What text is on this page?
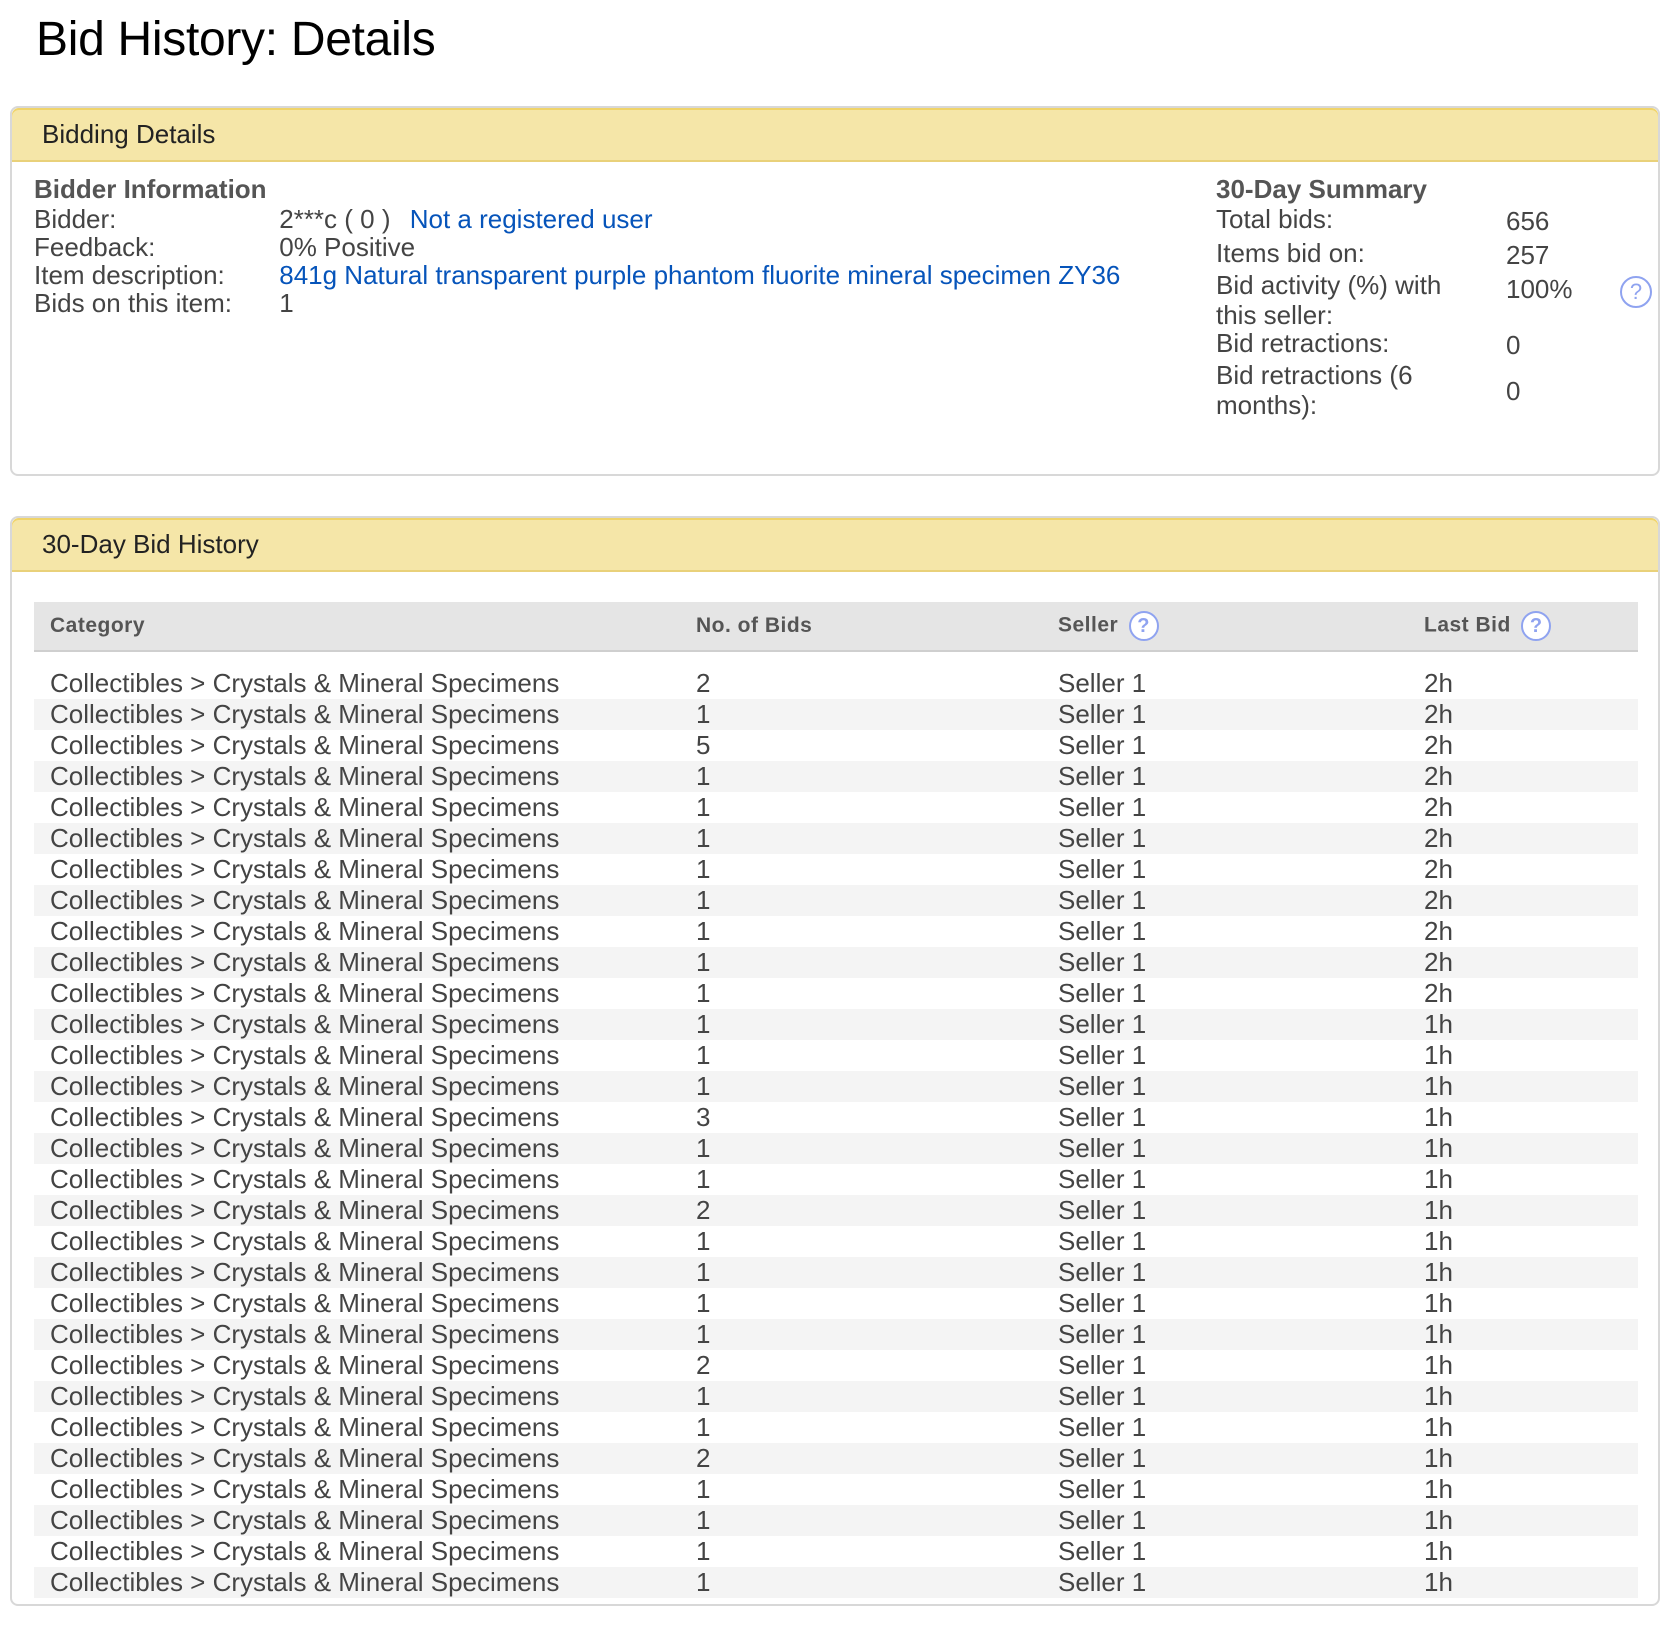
Bid History: Details
Bidding Details
Bidder Information
Bidder:	2***c ( 0 ) Not a registered user
Feedback:	0% Positive
Item description: 841g Natural transparent purple phantom fluorite mineral specimen ZY36
Bids on this item: 1
30-Day Summary
Total bids:	656
Items bid on:	257
Bid activity (%) with this seller:
100%	?
Bid retractions:	0
Bid retractions (6 months):	0
30-Day Bid History
Category	No. of Bids	Seller ?	Last Bid ?

Collectibles > Crystals & Mineral Specimens	2	Seller 1	2h
Collectibles > Crystals & Mineral Specimens	1	Seller 1	2h
Collectibles > Crystals & Mineral Specimens	5	Seller 1	2h
Collectibles > Crystals & Mineral Specimens	1	Seller 1	2h
Collectibles > Crystals & Mineral Specimens	1	Seller 1	2h
Collectibles > Crystals & Mineral Specimens	1	Seller 1	2h
Collectibles > Crystals & Mineral Specimens	1	Seller 1	2h
Collectibles > Crystals & Mineral Specimens	1	Seller 1	2h
Collectibles > Crystals & Mineral Specimens	1	Seller 1	2h
Collectibles > Crystals & Mineral Specimens	1	Seller 1	2h
Collectibles > Crystals & Mineral Specimens	1	Seller 1	2h
Collectibles > Crystals & Mineral Specimens	1	Seller 1	1h
Collectibles > Crystals & Mineral Specimens	1	Seller 1	1h
Collectibles > Crystals & Mineral Specimens	1	Seller 1	1h
Collectibles > Crystals & Mineral Specimens	3	Seller 1	1h
Collectibles > Crystals & Mineral Specimens	1	Seller 1	1h
Collectibles > Crystals & Mineral Specimens	1	Seller 1	1h
Collectibles > Crystals & Mineral Specimens	2	Seller 1	1h
Collectibles > Crystals & Mineral Specimens	1	Seller 1	1h
Collectibles > Crystals & Mineral Specimens	1	Seller 1	1h
Collectibles > Crystals & Mineral Specimens	1	Seller 1	1h
Collectibles > Crystals & Mineral Specimens	1	Seller 1	1h
Collectibles > Crystals & Mineral Specimens	2	Seller 1	1h
Collectibles > Crystals & Mineral Specimens	1	Seller 1	1h
Collectibles > Crystals & Mineral Specimens	1	Seller 1	1h
Collectibles > Crystals & Mineral Specimens	2	Seller 1	1h
Collectibles > Crystals & Mineral Specimens	1	Seller 1	1h
Collectibles > Crystals & Mineral Specimens	1	Seller 1	1h
Collectibles > Crystals & Mineral Specimens	1	Seller 1	1h
Collectibles > Crystals & Mineral Specimens	1	Seller 1	1h
